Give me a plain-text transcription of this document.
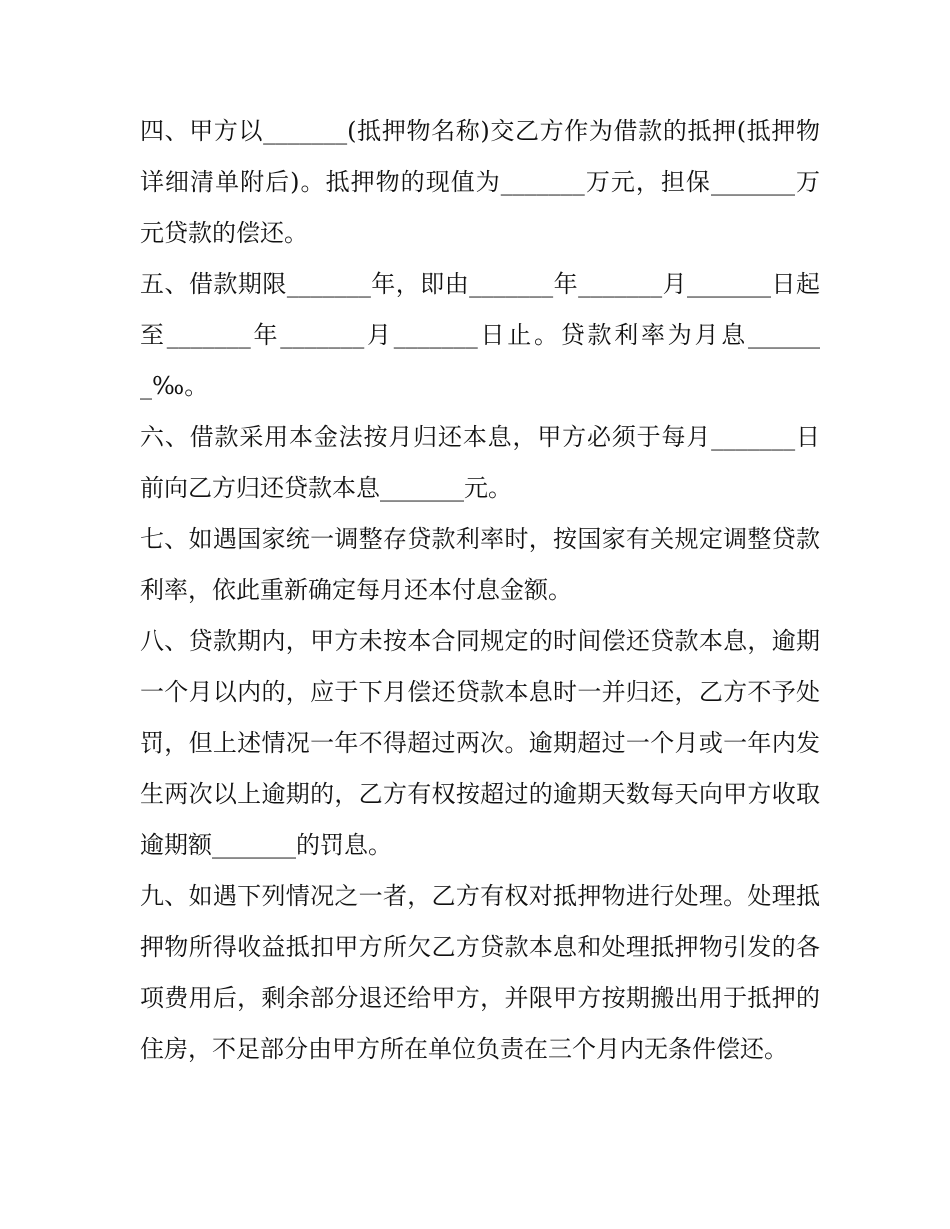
四、甲方以_______(抵押物名称)交乙方作为借款的抵押(抵押物详细清单附后)。抵押物的现值为_______万元，担保_______万元贷款的偿还。

五、借款期限_______年，即由_______年_______月_______日起至_______年_______月_______日止。贷款利率为月息_______‰。

六、借款采用本金法按月归还本息，甲方必须于每月_______日前向乙方归还贷款本息_______元。

七、如遇国家统一调整存贷款利率时，按国家有关规定调整贷款利率，依此重新确定每月还本付息金额。

八、贷款期内，甲方未按本合同规定的时间偿还贷款本息，逾期一个月以内的，应于下月偿还贷款本息时一并归还，乙方不予处罚，但上述情况一年不得超过两次。逾期超过一个月或一年内发生两次以上逾期的，乙方有权按超过的逾期天数每天向甲方收取逾期额_______的罚息。

九、如遇下列情况之一者，乙方有权对抵押物进行处理。处理抵押物所得收益抵扣甲方所欠乙方贷款本息和处理抵押物引发的各项费用后，剩余部分退还给甲方，并限甲方按期搬出用于抵押的住房，不足部分由甲方所在单位负责在三个月内无条件偿还。
